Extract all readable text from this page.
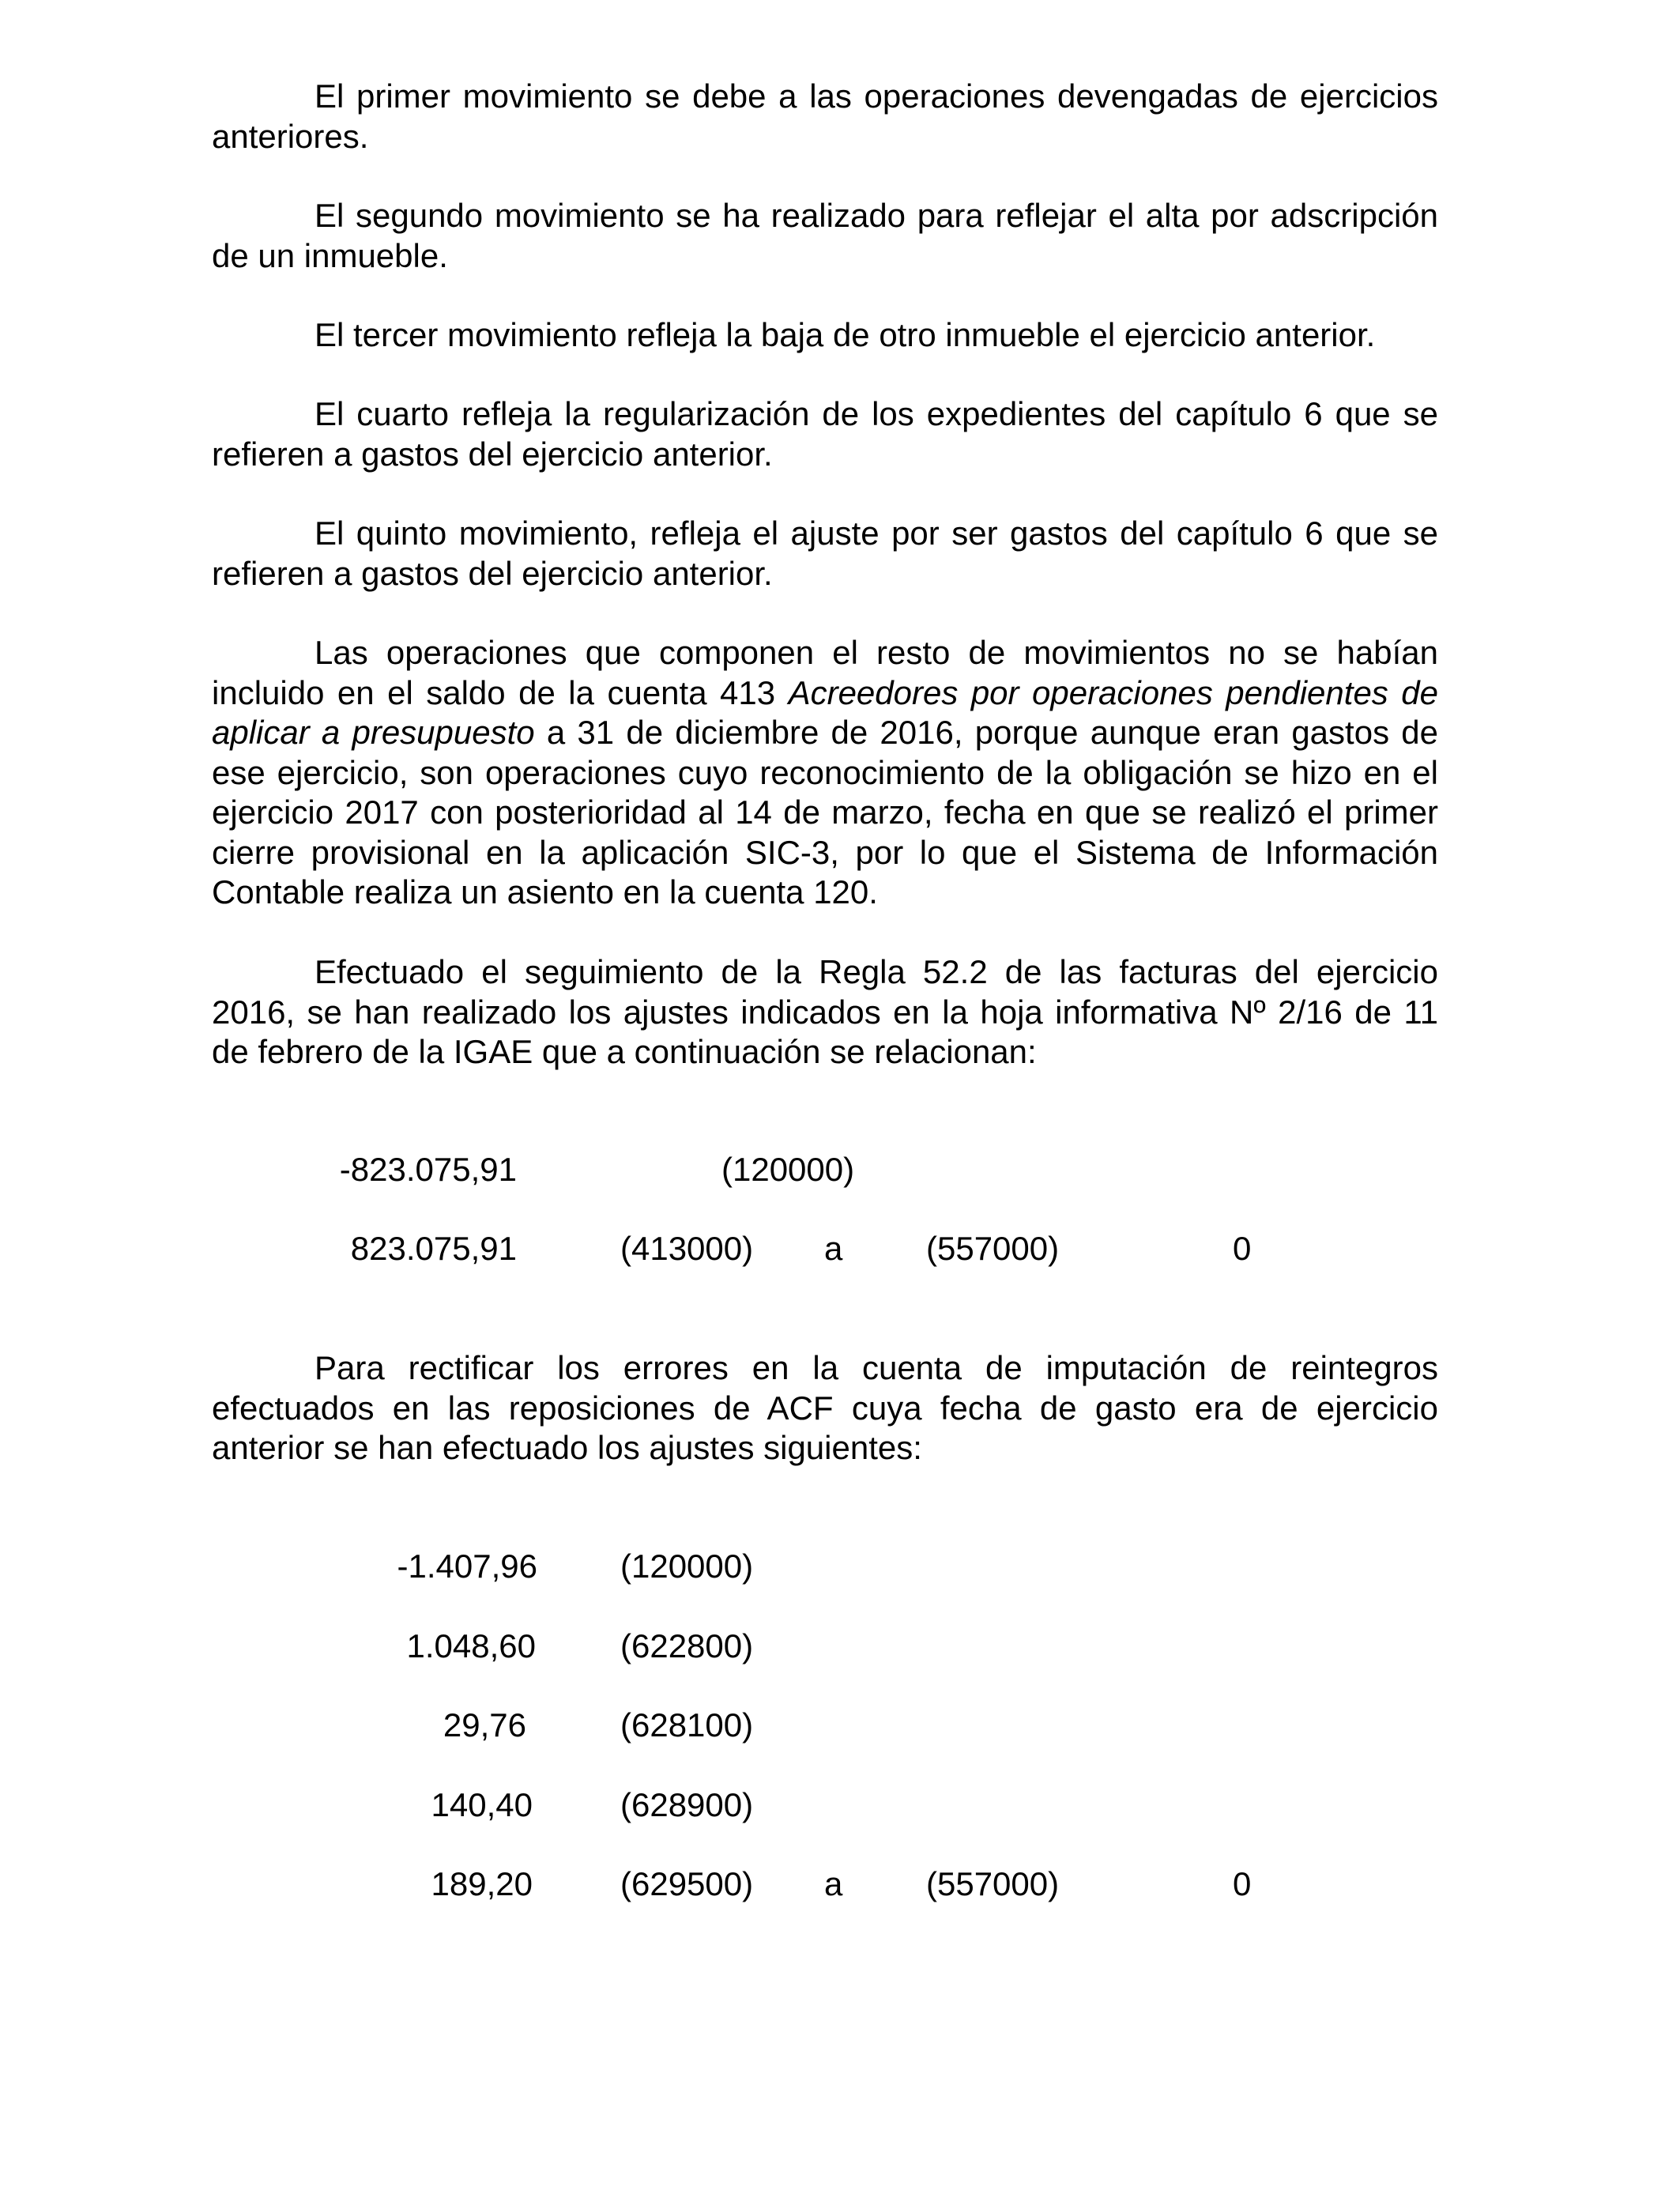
El primer movimiento se debe a las operaciones devengadas de ejercicios anteriores.

El segundo movimiento se ha realizado para reflejar el alta por adscripción de un inmueble.

El tercer movimiento refleja la baja de otro inmueble el ejercicio anterior.

El cuarto refleja la regularización de los expedientes del capítulo 6 que se refieren a gastos del ejercicio anterior.

El quinto movimiento, refleja el ajuste por ser gastos del capítulo 6 que se refieren a gastos del ejercicio anterior.

Las operaciones que componen el resto de movimientos no se habían incluido en el saldo de la cuenta 413 Acreedores por operaciones pendientes de aplicar a presupuesto a 31 de diciembre de 2016, porque aunque eran gastos de ese ejercicio, son operaciones cuyo reconocimiento de la obligación se hizo en el ejercicio 2017 con posterioridad al 14 de marzo, fecha en que se realizó el primer cierre provisional en la aplicación SIC-3, por lo que el Sistema de Información Contable realiza un asiento en la cuenta 120.

Efectuado el seguimiento de la Regla 52.2 de las facturas del ejercicio 2016, se han realizado los ajustes indicados en la hoja informativa Nº 2/16 de 11 de febrero de la IGAE que a continuación se relacionan:

-823.075,91	(120000)
823.075,91	(413000) a	(557000)	0

Para rectificar los errores en la cuenta de imputación de reintegros efectuados en las reposiciones de ACF cuya fecha de gasto era de ejercicio anterior se han efectuado los ajustes siguientes:

-1.407,96	(120000)
1.048,60	(622800)
29,76	(628100)
140,40	(628900)
189,20	(629500) a	(557000)	0
